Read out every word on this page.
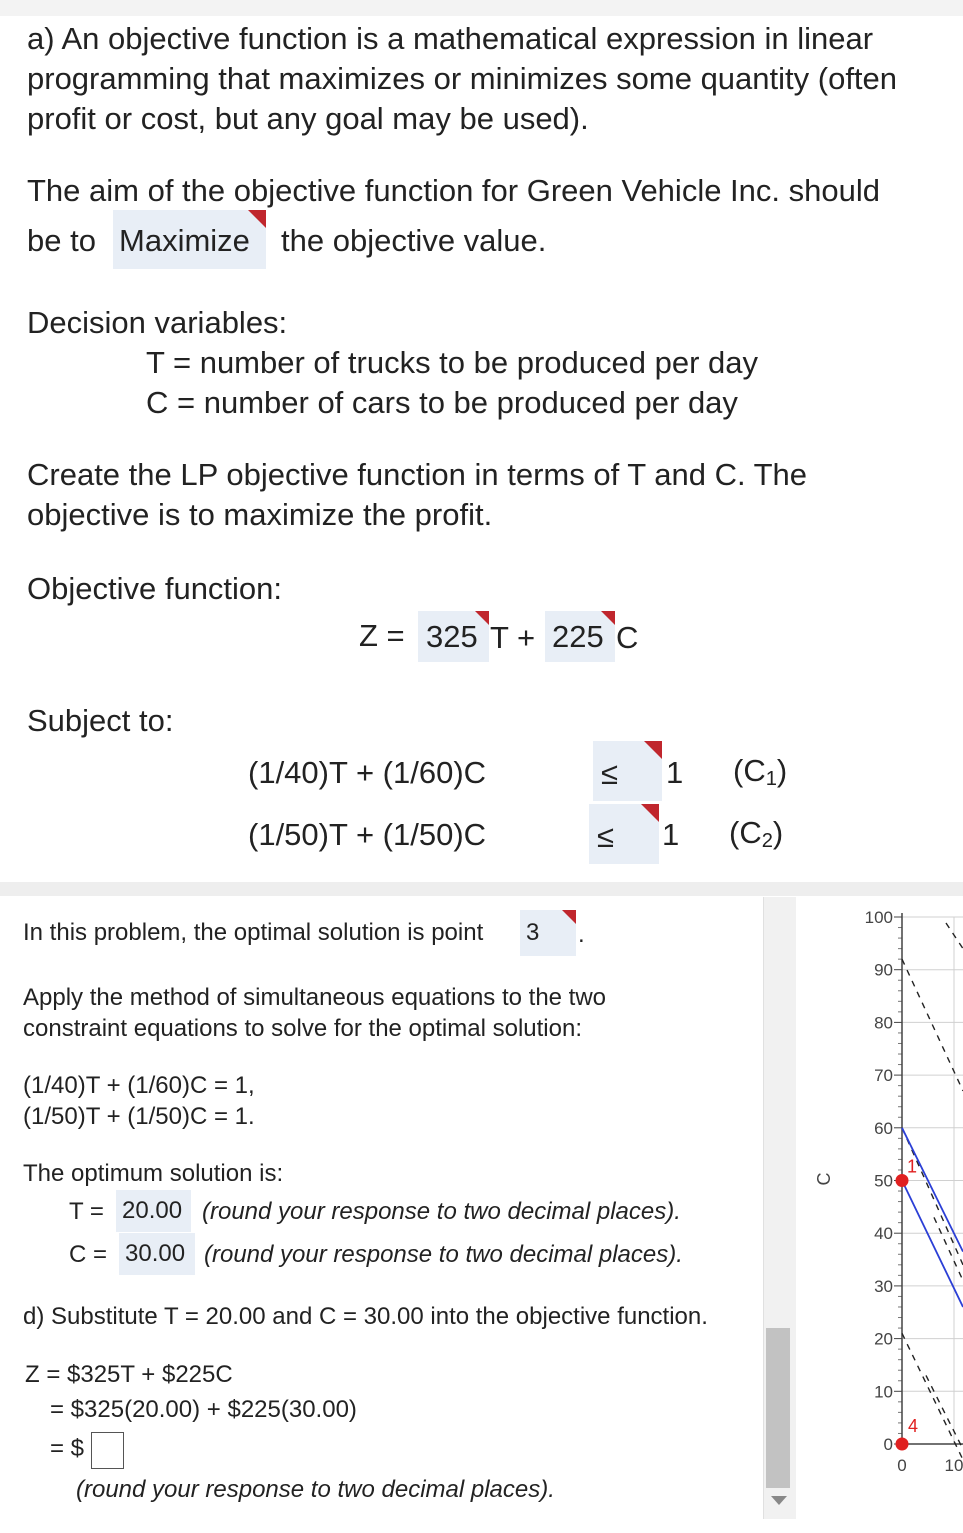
a) An objective function is a mathematical expression in linear
programming that maximizes or minimizes some quantity (often
profit or cost, but any goal may be used).
The aim of the objective function for Green Vehicle Inc. should
be to Maximize the objective value.
Decision variables:
T = number of trucks to be produced per day
C = number of cars to be produced per day
Create the LP objective function in terms of T and C. The
objective is to maximize the profit.
Objective function:
Z = 325 T + 225 C
Subject to:
(1/40)T + (1/60)C	≤ 1 $(C_1)$
(1/50)T + (1/50)C	≤ 1 $(C_2)$
In this problem, the optimal solution is point 3 .
Apply the method of simultaneous equations to the two
constraint equations to solve for the optimal solution:
(1/40)T + (1/60)C = 1,
(1/50)T + (1/50)C = 1.
The optimum solution is:
T = 20.00 (round your response to two decimal places).
C = 30.00 (round your response to two decimal places).
d) Substitute T = 20.00 and C = 30.00 into the objective function.
Z = $325T + $225C
= $325(20.00) + $225(30.00)
= $
(round your response to two decimal places).
100
90
80
70
60
50
40
30
20
10
0
0 10
C
1
4
